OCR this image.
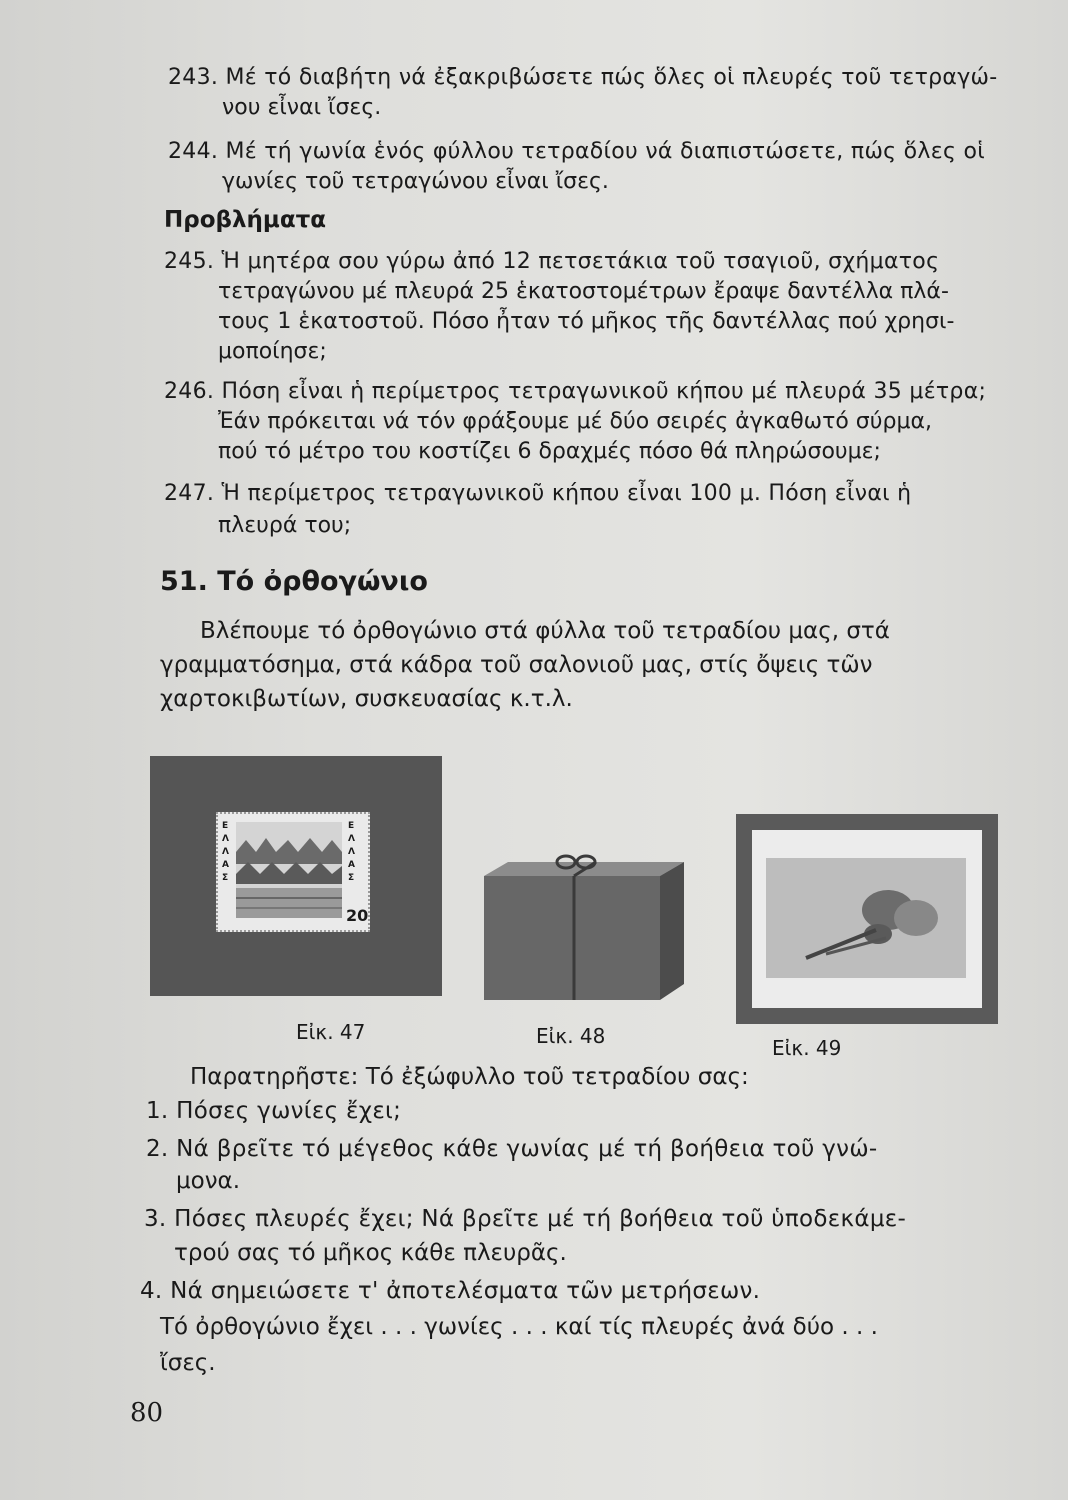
243. Μέ τό διαβήτη νά ἐξακριβώσετε πώς ὅλες οἱ πλευρές τοῦ τετραγώ-
νου εἶναι ἴσες.
244. Μέ τή γωνία ἑνός φύλλου τετραδίου νά διαπιστώσετε, πώς ὅλες οἱ
γωνίες τοῦ τετραγώνου εἶναι ἴσες.
Προβλήματα
245. Ἡ μητέρα σου γύρω ἀπό 12 πετσετάκια τοῦ τσαγιοῦ, σχήματος
τετραγώνου μέ πλευρά 25 ἑκατοστομέτρων ἔραψε δαντέλλα πλά-
τους 1 ἑκατοστοῦ. Πόσο ἦταν τό μῆκος τῆς δαντέλλας πού χρησι-
μοποίησε;
246. Πόση εἶναι ἡ περίμετρος τετραγωνικοῦ κήπου μέ πλευρά 35 μέτρα;
Ἐάν πρόκειται νά τόν φράξουμε μέ δύο σειρές ἀγκαθωτό σύρμα,
πού τό μέτρο του κοστίζει 6 δραχμές πόσο θά πληρώσουμε;
247. Ἡ περίμετρος τετραγωνικοῦ κήπου εἶναι 100 μ. Πόση εἶναι ἡ
πλευρά του;
51. Τό ὀρθογώνιο
Βλέπουμε τό ὀρθογώνιο στά φύλλα τοῦ τετραδίου μας, στά
γραμματόσημα, στά κάδρα τοῦ σαλονιοῦ μας, στίς ὄψεις τῶν
χαρτοκιβωτίων, συσκευασίας κ.τ.λ.
ΕΛΛΑΣ
ΕΛΛΑΣ
20
Εἰκ. 47	Εἰκ. 48	Εἰκ. 49
Παρατηρῆστε: Τό ἐξώφυλλο τοῦ τετραδίου σας:
1. Πόσες γωνίες ἔχει;
2. Νά βρεῖτε τό μέγεθος κάθε γωνίας μέ τή βοήθεια τοῦ γνώ-
μονα.
3. Πόσες πλευρές ἔχει; Νά βρεῖτε μέ τή βοήθεια τοῦ ὑποδεκάμε-
τρού σας τό μῆκος κάθε πλευρᾶς.
4. Νά σημειώσετε τ' ἀποτελέσματα τῶν μετρήσεων.
Τό ὀρθογώνιο ἔχει . . . γωνίες . . . καί τίς πλευρές ἀνά δύο . . .
ἴσες.
80
